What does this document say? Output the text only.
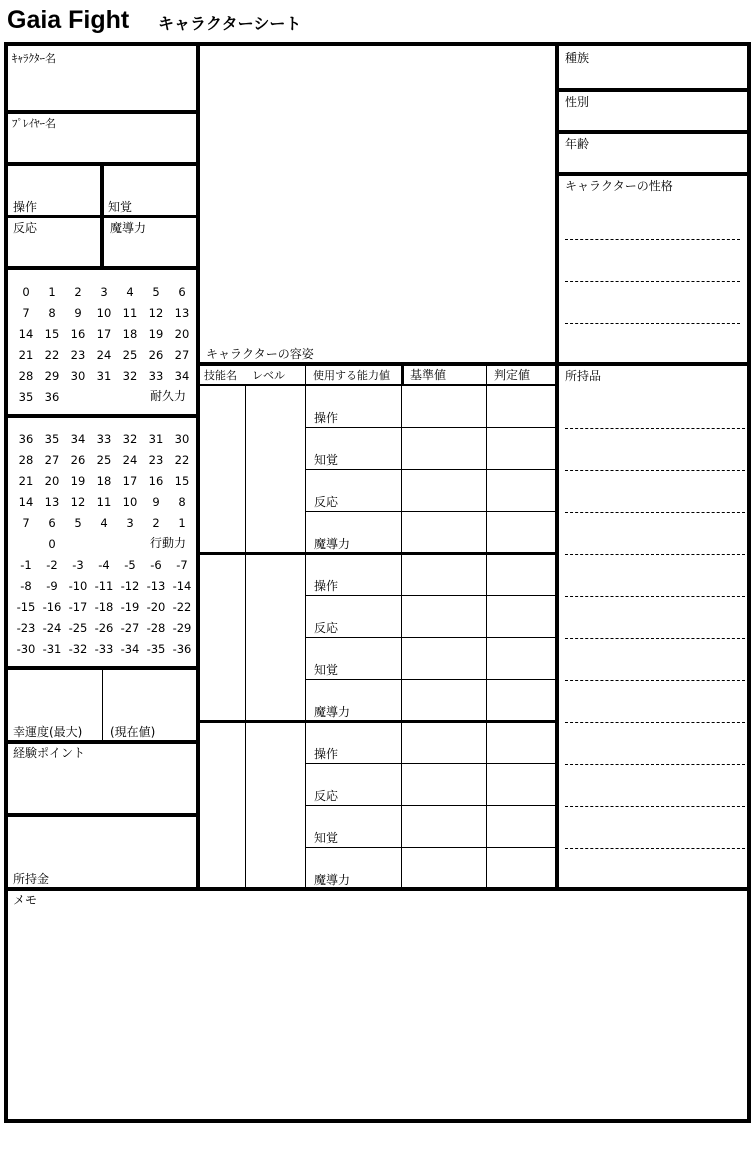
Gaia Fight キャラクターシート
ｷｬﾗｸﾀｰ名
ﾌﾟﾚｲﾔｰ名
操作	知覚
反応	魔導力
0	1	2	3	4	5	6
7	8	9	10 11 12 13
14 15 16 17 18 19 20
21 22 23 24 25 26 27
28 29 30 31 32 33 34
35 36	耐久力
36 35 34 33 32 31 30
28 27 26 25 24 23 22
21 20 19 18 17 16 15
14 13 12 11 10	9	8
7	6	5	4	3	2	1
0
-1	-2	-3	-4	-5	-6	-7
-8	-9 -10 -11 -12 -13 -14
-15 -16 -17 -18 -19 -20 -22
-23 -24 -25 -26 -27 -28 -29
-30 -31 -32 -33 -34 -35 -36
行動力
幸運度(最大) (現在値)
経験ポイント
所持金
キャラクターの容姿
技能名 レベル	使用する能力値 基準値	判定値
操作
知覚
反応
魔導力
操作
反応
知覚
魔導力
操作
反応
知覚
魔導力
種族
性別
年齢
キャラクターの性格
所持品
メモ
